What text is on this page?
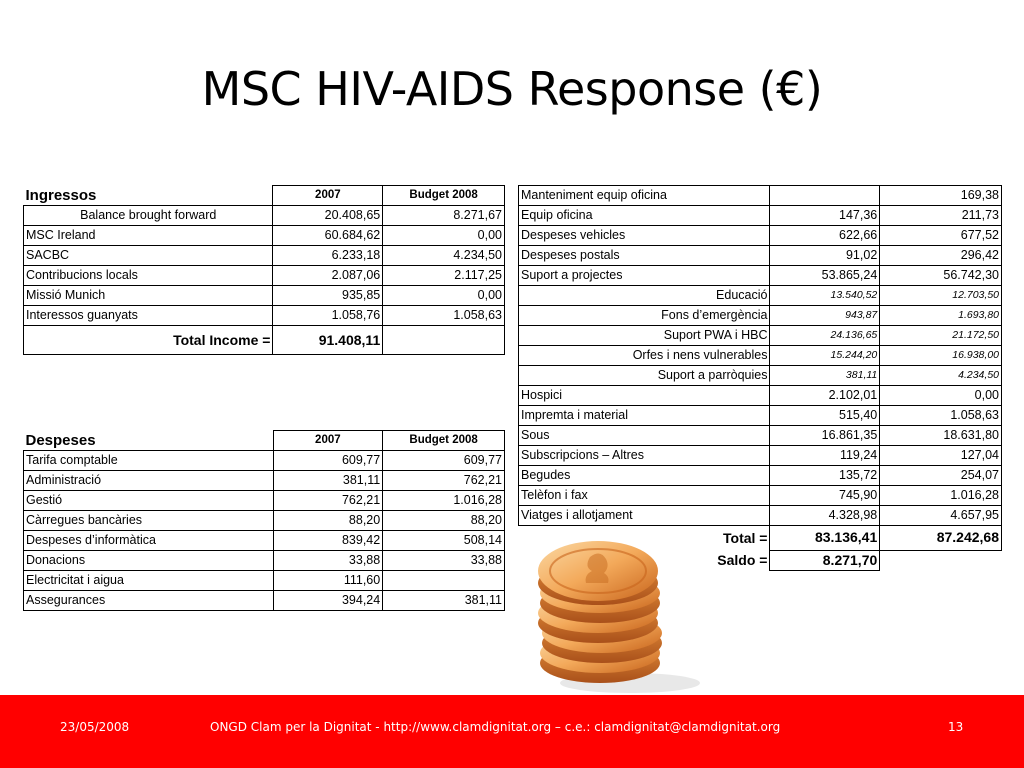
MSC HIV-AIDS Response (€)
Ingressos	2007	Budget 2008
Balance brought forward	20.408,65	8.271,67
MSC Ireland	60.684,62	0,00
SACBC	6.233,18	4.234,50
Contribucions locals	2.087,06	2.117,25
Missió Munich	935,85	0,00
Interessos guanyats	1.058,76	1.058,63
Total Income =	91.408,11	
Despeses	2007	Budget 2008
Tarifa comptable	609,77	609,77
Administració	381,11	762,21
Gestió	762,21	1.016,28
Càrregues bancàries	88,20	88,20
Despeses d’informàtica	839,42	508,14
Donacions	33,88	33,88
Electricitat i aigua	111,60	
Assegurances	394,24	381,11
Manteniment equip oficina		169,38
Equip oficina	147,36	211,73
Despeses vehicles	622,66	677,52
Despeses postals	91,02	296,42
Suport a projectes	53.865,24	56.742,30
Educació	13.540,52	12.703,50
Fons d’emergència	943,87	1.693,80
Suport PWA i HBC	24.136,65	21.172,50
Orfes i nens vulnerables	15.244,20	16.938,00
Suport a parròquies	381,11	4.234,50
Hospici	2.102,01	0,00
Impremta i material	515,40	1.058,63
Sous	16.861,35	18.631,80
Subscripcions – Altres	119,24	127,04
Begudes	135,72	254,07
Telèfon i fax	745,90	1.016,28
Viatges i allotjament	4.328,98	4.657,95
Total =	83.136,41	87.242,68
Saldo =	8.271,70	
23/05/2008	ONGD Clam per la Dignitat - http://www.clamdignitat.org – c.e.: clamdignitat@clamdignitat.org	13
